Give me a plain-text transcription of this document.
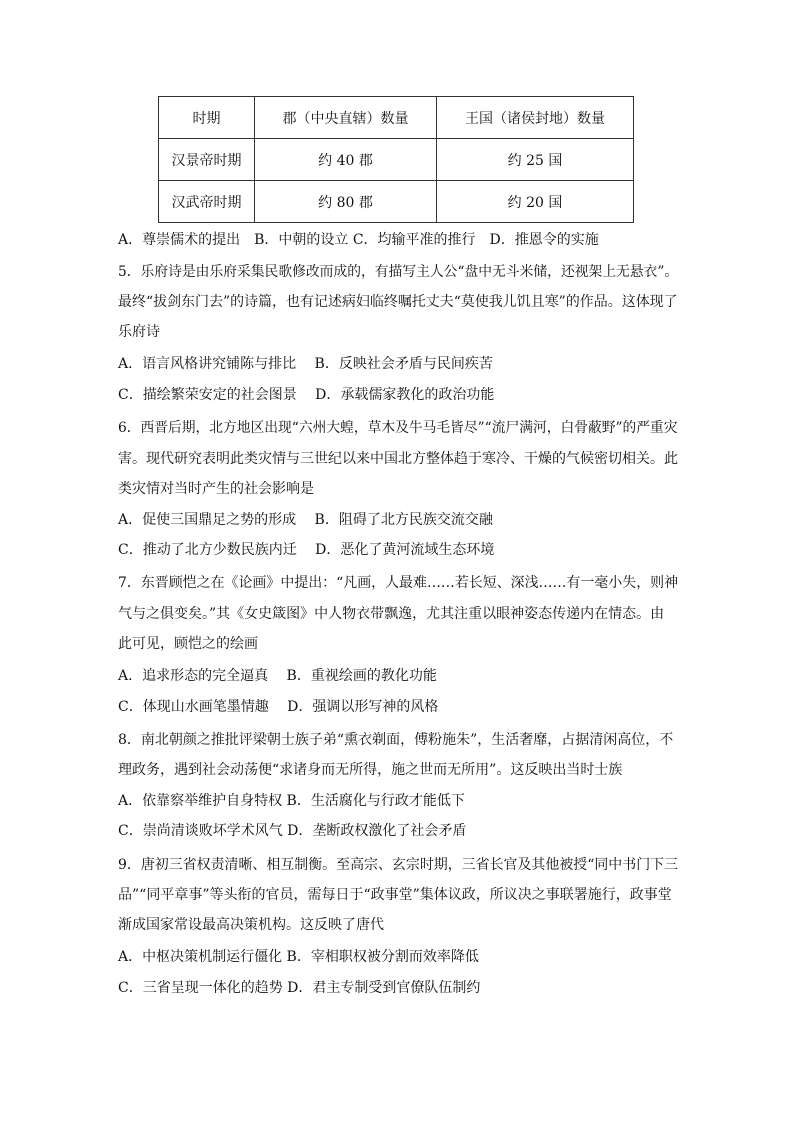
时期	郡（中央直辖）数量	王国（诸侯封地）数量
汉景帝时期	约 40 郡	约 25 国
汉武帝时期	约 80 郡	约 20 国
A．尊崇儒术的提出　B．中朝的设立 C．均输平准的推行　D．推恩令的实施
5．乐府诗是由乐府采集民歌修改而成的，有描写主人公“盘中无斗米储，还视架上无悬衣”。
最终“拔剑东门去”的诗篇，也有记述病妇临终嘱托丈夫“莫使我儿饥且寒”的作品。这体现了
乐府诗
A．语言风格讲究铺陈与排比　 B．反映社会矛盾与民间疾苦
C．描绘繁荣安定的社会图景　 D．承载儒家教化的政治功能
6．西晋后期，北方地区出现“六州大蝗，草木及牛马毛皆尽”“流尸满河，白骨蔽野”的严重灾
害。现代研究表明此类灾情与三世纪以来中国北方整体趋于寒冷、干燥的气候密切相关。此
类灾情对当时产生的社会影响是
A．促使三国鼎足之势的形成　 B．阻碍了北方民族交流交融
C．推动了北方少数民族内迁　 D．恶化了黄河流域生态环境
7．东晋顾恺之在《论画》中提出：“凡画，人最难……若长短、深浅……有一毫小失，则神
气与之俱变矣。”其《女史箴图》中人物衣带飘逸，尤其注重以眼神姿态传递内在情态。由
此可见，顾恺之的绘画
A．追求形态的完全逼真　 B．重视绘画的教化功能
C．体现山水画笔墨情趣　 D．强调以形写神的风格
8．南北朝颜之推批评梁朝士族子弟“熏衣剃面，傅粉施朱”，生活奢靡，占据清闲高位，不
理政务，遇到社会动荡便“求诸身而无所得，施之世而无所用”。这反映出当时士族
A．依靠察举维护自身特权 B．生活腐化与行政才能低下
C．崇尚清谈败坏学术风气 D．垄断政权激化了社会矛盾
9．唐初三省权责清晰、相互制衡。至高宗、玄宗时期，三省长官及其他被授“同中书门下三
品”“同平章事”等头衔的官员，需每日于“政事堂”集体议政，所议决之事联署施行，政事堂
渐成国家常设最高决策机构。这反映了唐代
A．中枢决策机制运行僵化 B．宰相职权被分割而效率降低
C．三省呈现一体化的趋势 D．君主专制受到官僚队伍制约
